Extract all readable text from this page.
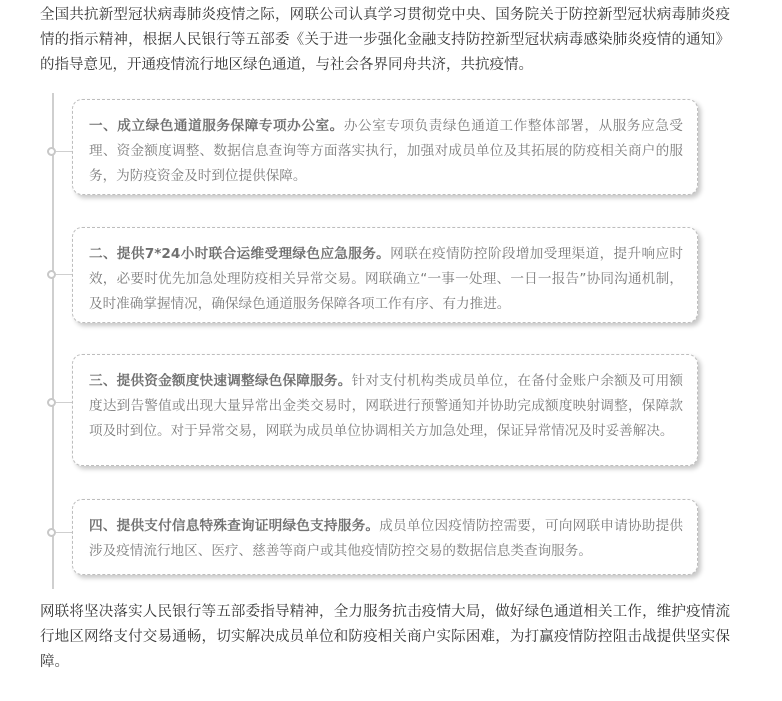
全国共抗新型冠状病毒肺炎疫情之际，网联公司认真学习贯彻党中央、国务院关于防控新型冠状病毒肺炎疫情的指示精神，根据人民银行等五部委《关于进一步强化金融支持防控新型冠状病毒感染肺炎疫情的通知》的指导意见，开通疫情流行地区绿色通道，与社会各界同舟共济，共抗疫情。

一、成立绿色通道服务保障专项办公室。办公室专项负责绿色通道工作整体部署，从服务应急受理、资金额度调整、数据信息查询等方面落实执行，加强对成员单位及其拓展的防疫相关商户的服务，为防疫资金及时到位提供保障。
二、提供7*24小时联合运维受理绿色应急服务。网联在疫情防控阶段增加受理渠道，提升响应时效，必要时优先加急处理防疫相关异常交易。网联确立“一事一处理、一日一报告”协同沟通机制，及时准确掌握情况，确保绿色通道服务保障各项工作有序、有力推进。
三、提供资金额度快速调整绿色保障服务。针对支付机构类成员单位，在备付金账户余额及可用额度达到告警值或出现大量异常出金类交易时，网联进行预警通知并协助完成额度映射调整，保障款项及时到位。对于异常交易，网联为成员单位协调相关方加急处理，保证异常情况及时妥善解决。
四、提供支付信息特殊查询证明绿色支持服务。成员单位因疫情防控需要，可向网联申请协助提供涉及疫情流行地区、医疗、慈善等商户或其他疫情防控交易的数据信息类查询服务。

网联将坚决落实人民银行等五部委指导精神，全力服务抗击疫情大局，做好绿色通道相关工作，维护疫情流行地区网络支付交易通畅，切实解决成员单位和防疫相关商户实际困难，为打赢疫情防控阻击战提供坚实保障。
